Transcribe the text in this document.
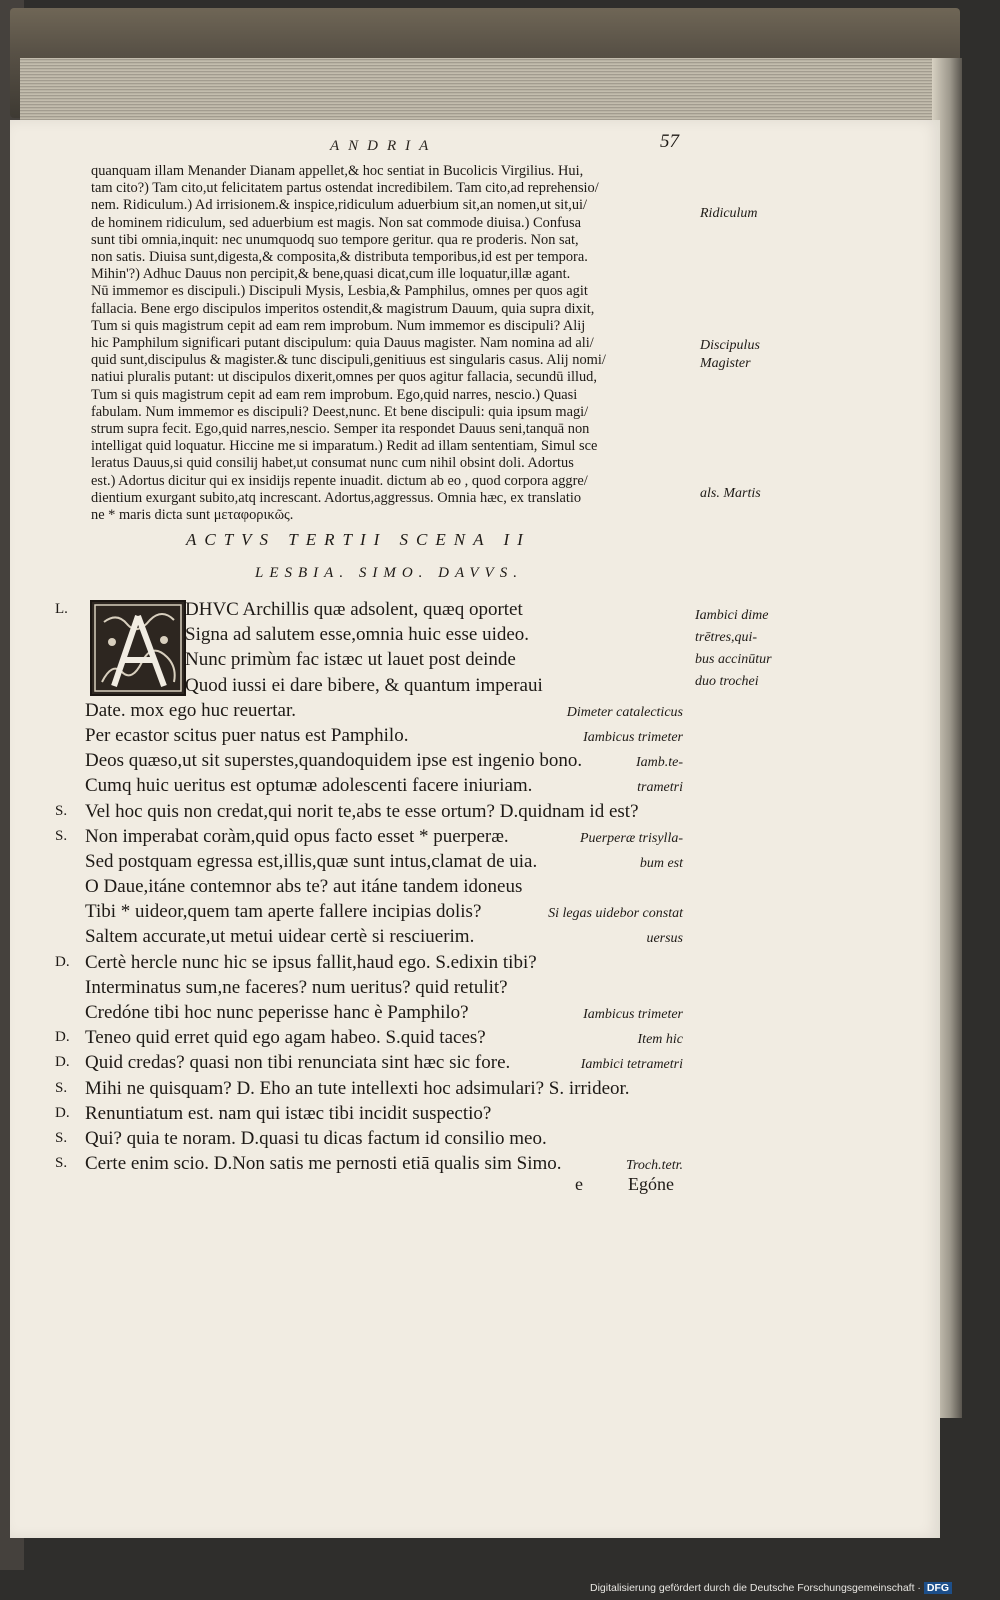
ANDRIA	57
quanquam illam Menander Dianam appellet,& hoc sentiat in Bucolicis Virgilius. Hui,
tam cito?) Tam cito,ut felicitatem partus ostendat incredibilem. Tam cito,ad reprehensio/
nem. Ridiculum.) Ad irrisionem.& inspice,ridiculum aduerbium sit,an nomen,ut sit,ui/
de hominem ridiculum, sed aduerbium est magis. Non sat commode diuisa.) Confusa
sunt tibi omnia,inquit: nec unumquodq suo tempore geritur. qua re proderis. Non sat,
non satis. Diuisa sunt,digesta,& composita,& distributa temporibus,id est per tempora.
Mihin'?) Adhuc Dauus non percipit,& bene,quasi dicat,cum ille loquatur,illæ agant.
Nū immemor es discipuli.) Discipuli Mysis, Lesbia,& Pamphilus, omnes per quos agit
fallacia. Bene ergo discipulos imperitos ostendit,& magistrum Dauum, quia supra dixit,
Tum si quis magistrum cepit ad eam rem improbum. Num immemor es discipuli? Alij
hic Pamphilum significari putant discipulum: quia Dauus magister. Nam nomina ad ali/
quid sunt,discipulus & magister.& tunc discipuli,genitiuus est singularis casus. Alij nomi/
natiui pluralis putant: ut discipulos dixerit,omnes per quos agitur fallacia, secundū illud,
Tum si quis magistrum cepit ad eam rem improbum. Ego,quid narres, nescio.) Quasi
fabulam. Num immemor es discipuli? Deest,nunc. Et bene discipuli: quia ipsum magi/
strum supra fecit. Ego,quid narres,nescio. Semper ita respondet Dauus seni,tanquā non
intelligat quid loquatur. Hiccine me si imparatum.) Redit ad illam sententiam, Simul sce
leratus Dauus,si quid consilij habet,ut consumat nunc cum nihil obsint doli. Adortus
est.) Adortus dicitur qui ex insidijs repente inuadit. dictum ab eo , quod corpora aggre/
dientium exurgant subito,atq increscant. Adortus,aggressus. Omnia hæc, ex translatio
ne * maris dicta sunt μεταφορικῶς.
Ridiculum
Discipulus
Magister
als. Martis
ACTVS TERTII SCENA II
LESBIA. SIMO. DAVVS.
L.	DHVC Archillis quæ adsolent, quæq oportet
Signa ad salutem esse,omnia huic esse uideo.
Nunc primùm fac istæc ut lauet post deinde
Quod iussi ei dare bibere, & quantum imperaui
Date. mox ego huc reuertar.	Dimeter catalecticus
Per ecastor scitus puer natus est Pamphilo.	Iambicus trimeter
Deos quæso,ut sit superstes,quandoquidem ipse est ingenio bono.	Iamb.te-
Cumq huic ueritus est optumæ adolescenti facere iniuriam.	trametri
S. Vel hoc quis non credat,qui norit te,abs te esse ortum? D.quidnam id est?
S. Non imperabat coràm,quid opus facto esset * puerperæ.	Puerperæ trisylla-
Sed postquam egressa est,illis,quæ sunt intus,clamat de uia.	bum est
O Daue,itáne contemnor abs te? aut itáne tandem idoneus
Tibi * uideor,quem tam aperte fallere incipias dolis?	Si legas uidebor constat
Saltem accurate,ut metui uidear certè si resciuerim.	uersus
D. Certè hercle nunc hic se ipsus fallit,haud ego. S.edixin tibi?
Interminatus sum,ne faceres? num ueritus? quid retulit?
Credóne tibi hoc nunc peperisse hanc è Pamphilo?	Iambicus trimeter
D. Teneo quid erret quid ego agam habeo. S.quid taces?	Item hic
D. Quid credas? quasi non tibi renunciata sint hæc sic fore.	Iambici tetrametri
S. Mihi ne quisquam? D. Eho an tute intellexti hoc adsimulari? S. irrideor.
D. Renuntiatum est. nam qui istæc tibi incidit suspectio?
S. Qui? quia te noram. D.quasi tu dicas factum id consilio meo.
S. Certe enim scio. D.Non satis me pernosti etiā qualis sim Simo.	Troch.tetr.
Iambici dime
trētres,qui-
bus accinūtur
duo trochei
e	Egóne
Digitalisierung gefördert durch die Deutsche Forschungsgemeinschaft · DFG
